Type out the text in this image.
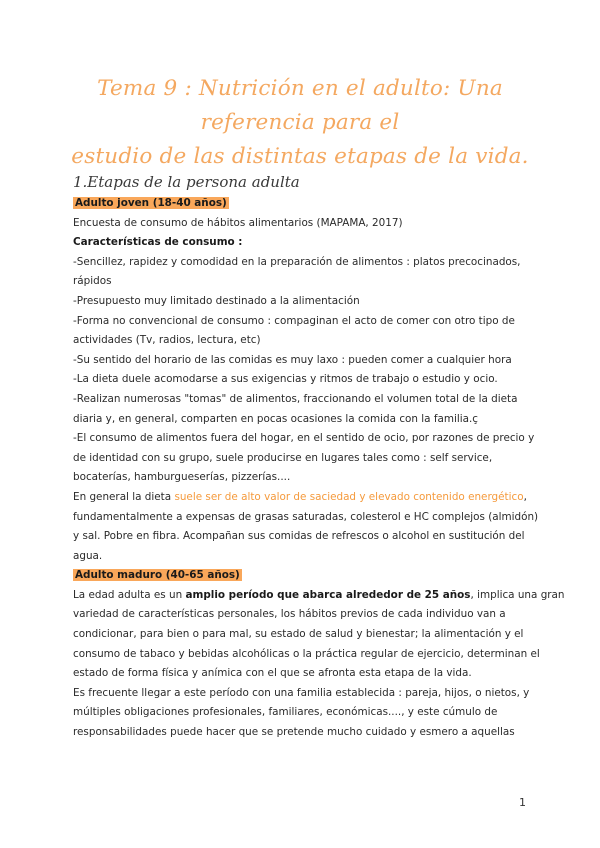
Tema 9 : Nutrición en el adulto: Una referencia para el
estudio de las distintas etapas de la vida.
1.Etapas de la persona adulta
Adulto joven (18-40 años)
Encuesta de consumo de hábitos alimentarios (MAPAMA, 2017)
Características de consumo :
-Sencillez, rapidez y comodidad en la preparación de alimentos : platos precocinados,
rápidos
-Presupuesto muy limitado destinado a la alimentación
-Forma no convencional de consumo : compaginan el acto de comer con otro tipo de
actividades (Tv, radios, lectura, etc)
-Su sentido del horario de las comidas es muy laxo : pueden comer a cualquier hora
-La dieta duele acomodarse a sus exigencias y ritmos de trabajo o estudio y ocio.
-Realizan numerosas "tomas" de alimentos, fraccionando el volumen total de la dieta
diaria y, en general, comparten en pocas ocasiones la comida con la familia.ç
-El consumo de alimentos fuera del hogar, en el sentido de ocio, por razones de precio y
de identidad con su grupo, suele producirse en lugares tales como : self service,
bocaterías, hamburgueserías, pizzerías....
En general la dieta suele ser de alto valor de saciedad y elevado contenido energético,
fundamentalmente a expensas de grasas saturadas, colesterol e HC complejos (almidón)
y sal. Pobre en fibra. Acompañan sus comidas de refrescos o alcohol en sustitución del
agua.
Adulto maduro (40-65 años)
La edad adulta es un amplio período que abarca alrededor de 25 años, implica una gran
variedad de características personales, los hábitos previos de cada individuo van a
condicionar, para bien o para mal, su estado de salud y bienestar; la alimentación y el
consumo de tabaco y bebidas alcohólicas o la práctica regular de ejercicio, determinan el
estado de forma física y anímica con el que se afronta esta etapa de la vida.
Es frecuente llegar a este período con una familia establecida : pareja, hijos, o nietos, y
múltiples obligaciones profesionales, familiares, económicas...., y este cúmulo de
responsabilidades puede hacer que se pretende mucho cuidado y esmero a aquellas
1
